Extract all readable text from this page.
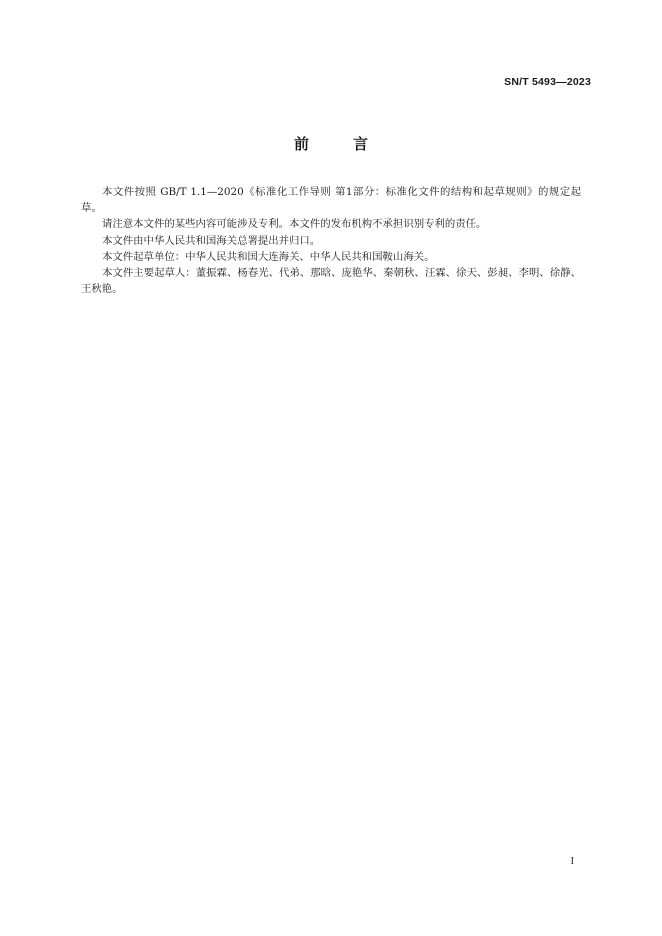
SN/T 5493—2023
前言

本文件按照 GB/T 1.1—2020《标准化工作导则 第1部分：标准化文件的结构和起草规则》的规定起草。

请注意本文件的某些内容可能涉及专利。本文件的发布机构不承担识别专利的责任。

本文件由中华人民共和国海关总署提出并归口。

本文件起草单位：中华人民共和国大连海关、中华人民共和国鞍山海关。

本文件主要起草人：董振霖、杨春光、代弟、那晗、庞艳华、秦朝秋、汪霖、徐天、彭昶、李明、徐静、王秋艳。

I
